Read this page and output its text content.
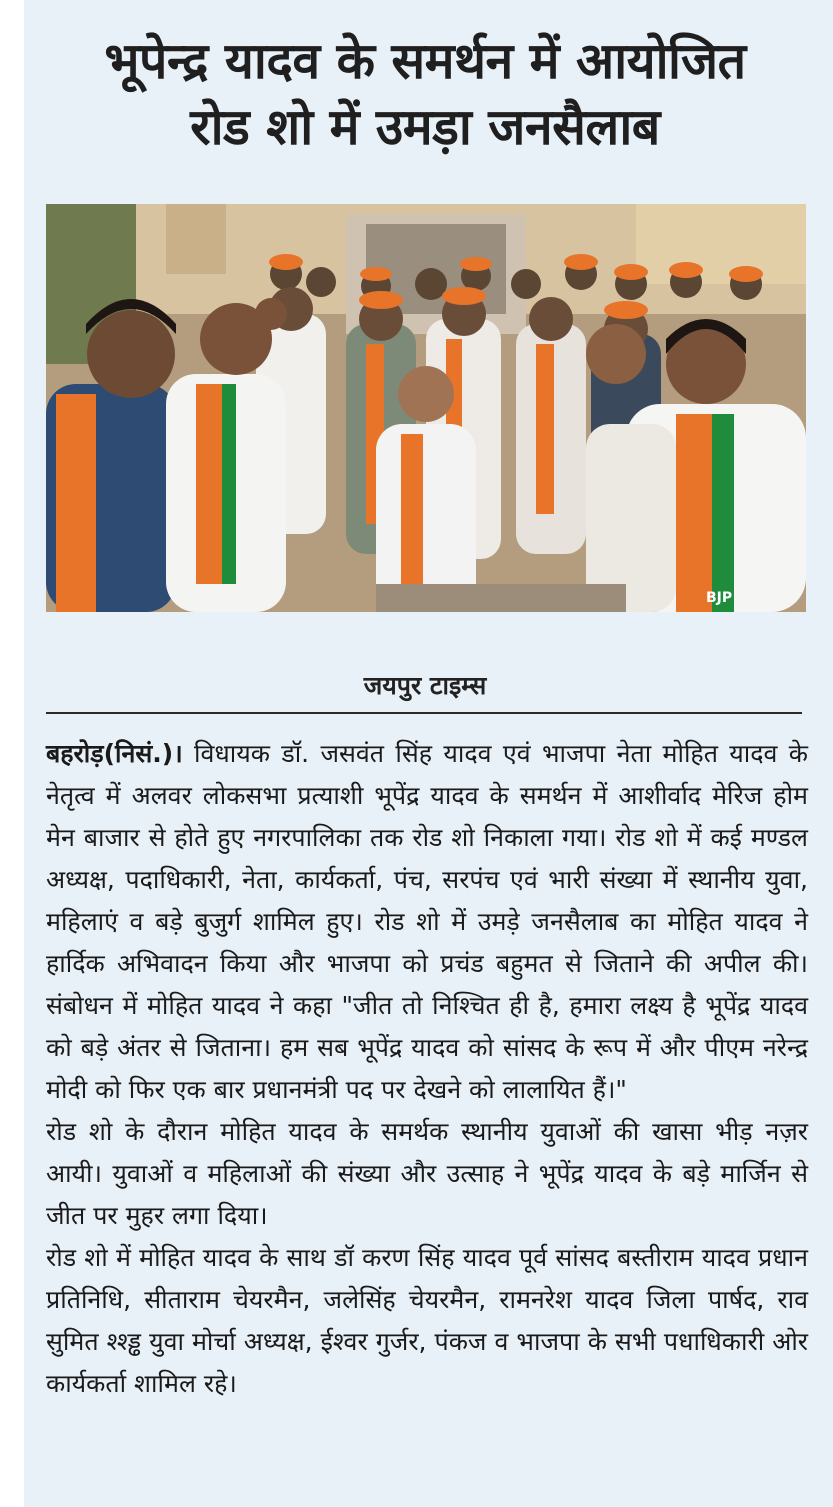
भूपेन्द्र यादव के समर्थन में आयोजित
रोड शो में उमड़ा जनसैलाब
BJP
जयपुर टाइम्स

बहरोड़(निसं.)। विधायक डॉ. जसवंत सिंह यादव एवं भाजपा नेता मोहित यादव के नेतृत्व में अलवर लोकसभा प्रत्याशी भूपेंद्र यादव के समर्थन में आशीर्वाद मेरिज होम मेन बाजार से होते हुए नगरपालिका तक रोड शो निकाला गया। रोड शो में कई मण्डल अध्यक्ष, पदाधिकारी, नेता, कार्यकर्ता, पंच, सरपंच एवं भारी संख्या में स्थानीय युवा, महिलाएं व बड़े बुजुर्ग शामिल हुए। रोड शो में उमड़े जनसैलाब का मोहित यादव ने हार्दिक अभिवादन किया और भाजपा को प्रचंड बहुमत से जिताने की अपील की। संबोधन में मोहित यादव ने कहा "जीत तो निश्चित ही है, हमारा लक्ष्य है भूपेंद्र यादव को बड़े अंतर से जिताना। हम सब भूपेंद्र यादव को सांसद के रूप में और पीएम नरेन्द्र मोदी को फिर एक बार प्रधानमंत्री पद पर देखने को लालायित हैं।"

रोड शो के दौरान मोहित यादव के समर्थक स्थानीय युवाओं की खासा भीड़ नज़र आयी। युवाओं व महिलाओं की संख्या और उत्साह ने भूपेंद्र यादव के बड़े मार्जिन से जीत पर मुहर लगा दिया।

रोड शो में मोहित यादव के साथ डॉ करण सिंह यादव पूर्व सांसद बस्तीराम यादव प्रधान प्रतिनिधि, सीताराम चेयरमैन, जलेसिंह चेयरमैन, रामनरेश यादव जिला पार्षद, राव सुमित श्श्ड्ढ युवा मोर्चा अध्यक्ष, ईश्वर गुर्जर, पंकज व भाजपा के सभी पधाधिकारी ओर कार्यकर्ता शामिल रहे।
